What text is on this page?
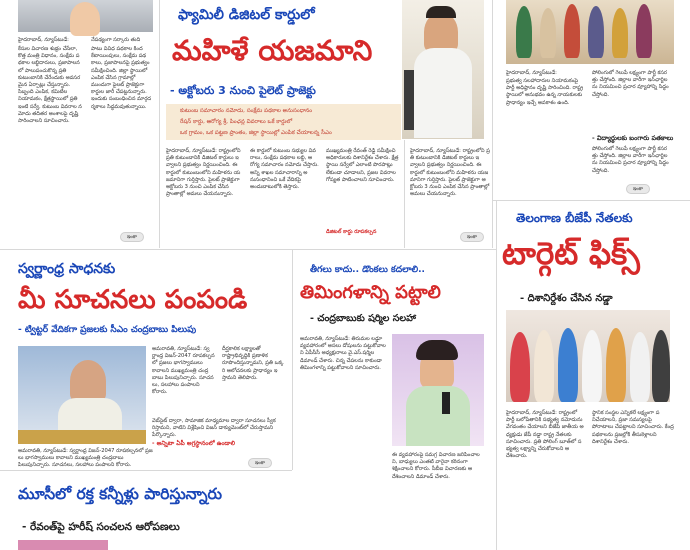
హైదరాబాద్, న్యూస్‌టుడే:	నేపథ్యంగా సర్కారు తుది
కేసుల విచారణ శుభ్రం చేసేలా, కొత్త మంత్రి విధానం, సంక్షేమ పథకాల లబ్ధిదారులు, ప్రజాపాలనలో పాలుపంచుకొన్న ప్రతి కుటుంబానికి చేరేందుకు అవసరమైన ఏర్పాట్లు చేస్తున్నారు. సిబ్బంది ఎంపిక, కమిటీల నియామకం, క్షేత్రస్థాయిలో ప్రతి ఇంటి సర్వే, కుటుంబ వివరాల నమోదు తదితర అంశాలపై దృష్టి సారించాలని సూచించారు.
పాటు వివిధ పథకాల కింద కేటాయింపులు, సంక్షేమ పథకాలు, ప్రజాపాలనపై ప్రభుత్వం సమీక్షించింది. జిల్లా స్థాయిలో ఎంపిక చేసిన గ్రామాల్లో ముందుగా పైలట్ ప్రాజెక్టుగా కార్డుల జారీ చేపట్టనున్నారు. ఇందుకు సంబంధించిన మార్గదర్శకాలు సిద్ధమవుతున్నాయి.
ఇంకా
ఫ్యామిలీ డిజిటల్ కార్డులో
మహిళే యజమాని
- అక్టోబరు 3 నుంచి పైలెట్ ప్రాజెక్టు
కుటుంబ సమాచారం నమోదు, సంక్షేమ పథకాల అనుసంధానం
రేషన్ కార్డు, ఆరోగ్య శ్రీ, పింఛన్ల వివరాలు ఒకే కార్డులో
ఒక గ్రామం, ఒక పట్టణ ప్రాంతం, జిల్లా స్థాయిల్లో ఎంపిక చేయాలన్న సీఎం
హైదరాబాద్, న్యూస్‌టుడే: రాష్ట్రంలోని ప్రతి కుటుంబానికి డిజిటల్ కార్డులు ఇవ్వాలని ప్రభుత్వం నిర్ణయించింది. ఈ కార్డులో కుటుంబంలోని మహిళను యజమానిగా గుర్తిస్తారు. పైలట్ ప్రాజెక్టుగా అక్టోబరు 3 నుంచి ఎంపిక చేసిన ప్రాంతాల్లో అమలు చేయనున్నారు.
ఈ కార్డులో కుటుంబ సభ్యుల వివరాలు, సంక్షేమ పథకాల లబ్ధి, ఆరోగ్య సమాచారం నమోదు చేస్తారు. అన్ని శాఖల సమాచారాన్ని అనుసంధానించి ఒకే వేదికపై అందుబాటులోకి తెస్తారు.
ముఖ్యమంత్రి రేవంత్ రెడ్డి సమీక్షించి అధికారులకు దిశానిర్దేశం చేశారు. క్షేత్రస్థాయి సర్వేలో ఎలాంటి పొరపాట్లు లేకుండా చూడాలని, ప్రజల వివరాల గోప్యత పాటించాలని సూచించారు.
డిజిటల్ కార్డు రూపకల్పన
హైదరాబాద్, న్యూస్‌టుడే: రాష్ట్రంలోని ప్రతి కుటుంబానికి డిజిటల్ కార్డులు ఇవ్వాలని ప్రభుత్వం నిర్ణయించింది. ఈ కార్డులో కుటుంబంలోని మహిళను యజమానిగా గుర్తిస్తారు. పైలట్ ప్రాజెక్టుగా అక్టోబరు 3 నుంచి ఎంపిక చేసిన ప్రాంతాల్లో అమలు చేయనున్నారు.
ఇంకా
హైదరాబాద్, న్యూస్‌టుడే:
ప్రభుత్వ సలహాదారుల నియామకంపై పార్టీ అధిష్ఠానం దృష్టి సారించింది. రాష్ట్ర స్థాయిలో అనుభవం ఉన్న నాయకులకు ప్రాధాన్యం ఇచ్చే అవకాశం ఉంది.
పోలింగులో గెలుపే లక్ష్యంగా పార్టీ కసరత్తు చేస్తోంది. జిల్లాల వారీగా ఇన్‌ఛార్జిలను నియమించి ప్రచార వ్యూహాన్ని సిద్ధం చేస్తోంది.
- విద్యార్థులకు బంగారు పతకాలు
పోలింగులో గెలుపే లక్ష్యంగా పార్టీ కసరత్తు చేస్తోంది. జిల్లాల వారీగా ఇన్‌ఛార్జిలను నియమించి ప్రచార వ్యూహాన్ని సిద్ధం చేస్తోంది.
ఇంకా
తెలంగాణ బీజేపీ నేతలకు
టార్గెట్ ఫిక్స్
- దిశానిర్దేశం చేసిన నడ్డా
హైదరాబాద్, న్యూస్‌టుడే: రాష్ట్రంలో పార్టీ బలోపేతానికి సభ్యత్వ నమోదును వేగవంతం చేయాలని బీజేపీ జాతీయ అధ్యక్షుడు జేపీ నడ్డా రాష్ట్ర నేతలకు సూచించారు. ప్రతి పోలింగ్ బూత్‌లో సభ్యత్వ లక్ష్యాన్ని చేరుకోవాలని ఆదేశించారు.
స్థానిక సంస్థల ఎన్నికలే లక్ష్యంగా పనిచేయాలని, ప్రజా సమస్యలపై పోరాటాలు చేపట్టాలని సూచించారు. కేంద్ర పథకాలను ప్రజల్లోకి తీసుకెళ్లాలని దిశానిర్దేశం చేశారు.
స్వర్ణాంధ్ర సాధనకు
మీ సూచనలు పంపండి
- ట్విట్టర్ వేదికగా ప్రజలకు సీఎం చంద్రబాబు పిలుపు
అమరావతి, న్యూస్‌టుడే: స్వర్ణాంధ్ర విజన్-2047 రూపకల్పనలో ప్రజలు భాగస్వాములు కావాలని ముఖ్యమంత్రి చంద్రబాబు పిలుపునిచ్చారు. సూచనలు, సలహాలు పంపాలని కోరారు.
అమరావతి, న్యూస్‌టుడే: స్వర్ణాంధ్ర విజన్-2047 రూపకల్పనలో ప్రజలు భాగస్వాములు కావాలని ముఖ్యమంత్రి చంద్రబాబు పిలుపునిచ్చారు. సూచనలు, సలహాలు పంపాలని కోరారు.
దీర్ఘకాలిక లక్ష్యాలతో రాష్ట్రాభివృద్ధికి ప్రణాళిక రూపొందిస్తున్నామని, ప్రతి ఒక్కరి ఆలోచనలకు ప్రాధాన్యం ఇస్తామని తెలిపారు.
వెబ్‌సైట్ ద్వారా, సామాజిక మాధ్యమాల ద్వారా సూచనలు స్వీకరిస్తామని, వాటిని విశ్లేషించి విజన్ డాక్యుమెంట్‌లో చేరుస్తామని పేర్కొన్నారు.
- అన్నిటా ఏపీ అగ్రస్థానంలో ఉండాలి
ఇంకా
తీగలు కాదు.. డొంకలు కదలాలి..
తిమింగళాన్ని పట్టాలి
- చంద్రబాబుకు షర్మిల సలహా
అమరావతి, న్యూస్‌టుడే: తిరుమల లడ్డూ వ్యవహారంలో అసలు దోషులను పట్టుకోవాలని ఏపీసీసీ అధ్యక్షురాలు వై.ఎస్.షర్మిల డిమాండ్ చేశారు. చిన్న చేపలను కాకుండా తిమింగళాన్ని పట్టుకోవాలని సూచించారు.
ఈ వ్యవహారంపై సమగ్ర విచారణ జరిపించాలని, బాధ్యులు ఎంతటి వారైనా కఠినంగా శిక్షించాలని కోరారు. సీబీఐ విచారణకు ఆదేశించాలని డిమాండ్ చేశారు.
మూసీలో రక్త కన్నీళ్లు పారిస్తున్నారు
- రేవంత్‌పై హరీష్ సంచలన ఆరోపణలు
